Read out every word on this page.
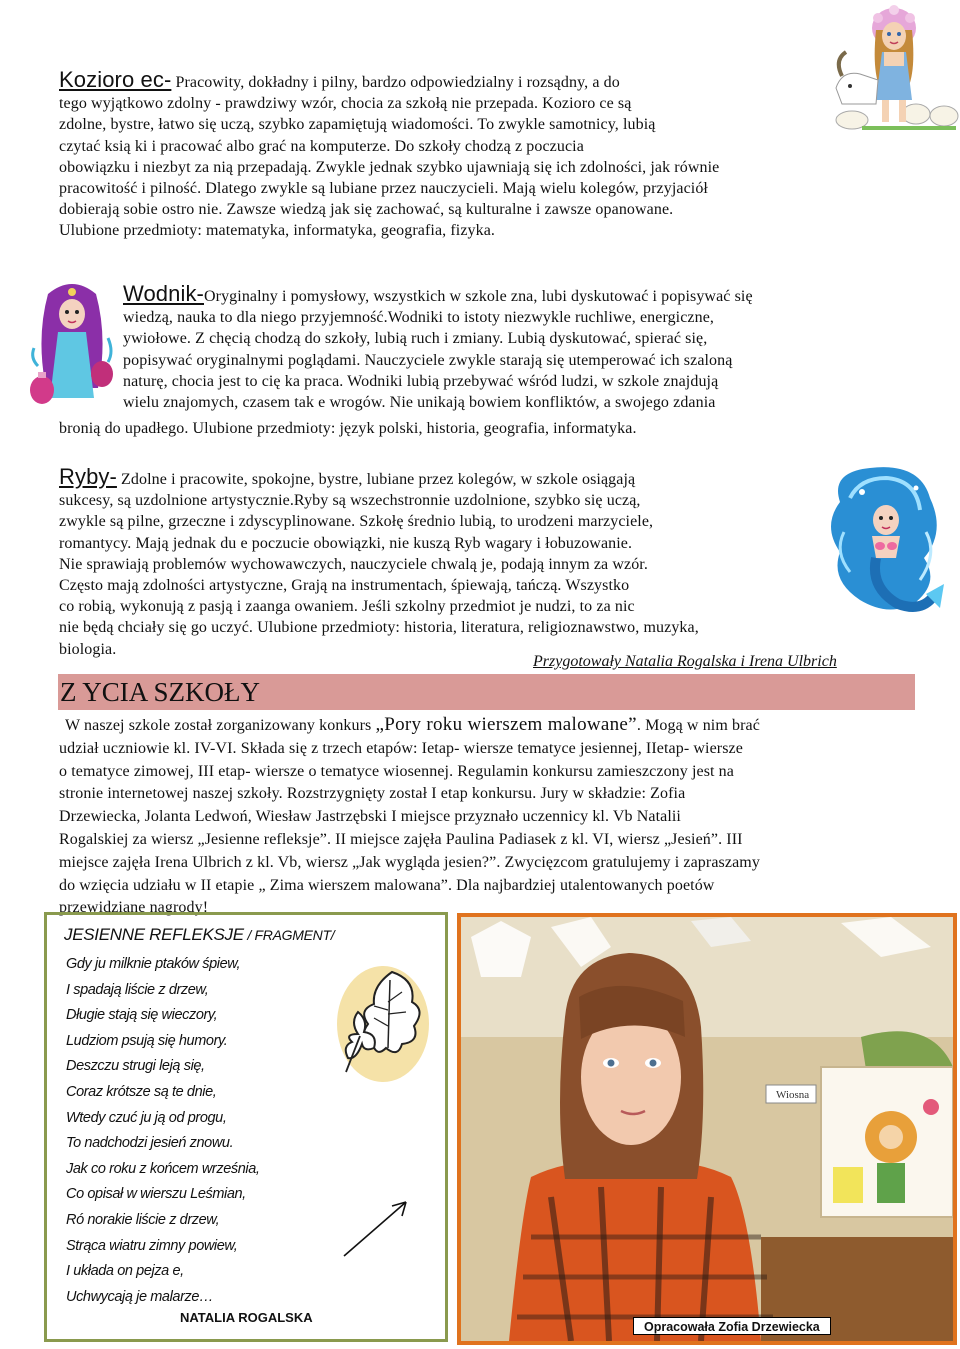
Kozioro ec- Pracowity, dokładny i pilny, bardzo odpowiedzialny i rozsądny, a do
tego wyjątkowo zdolny - prawdziwy wzór, chocia za szkołą nie przepada. Kozioro ce są
zdolne, bystre, łatwo się uczą, szybko zapamiętują wiadomości. To zwykle samotnicy, lubią
czytać ksią ki i pracować albo grać na komputerze. Do szkoły chodzą z poczucia
obowiązku i niezbyt za nią przepadają. Zwykle jednak szybko ujawniają się ich zdolności, jak równie
pracowitość i pilność. Dlatego zwykle są lubiane przez nauczycieli. Mają wielu kolegów, przyjaciół
dobierają sobie ostro nie. Zawsze wiedzą jak się zachować, są kulturalne i zawsze opanowane.
Ulubione przedmioty: matematyka, informatyka, geografia, fizyka.
Wodnik-Oryginalny i pomysłowy, wszystkich w szkole zna, lubi dyskutować i popisywać się
wiedzą, nauka to dla niego przyjemność.Wodniki to istoty niezwykle ruchliwe, energiczne,
ywiołowe. Z chęcią chodzą do szkoły, lubią ruch i zmiany. Lubią dyskutować, spierać się,
popisywać oryginalnymi poglądami. Nauczyciele zwykle starają się utemperować ich szaloną
naturę, chocia jest to cię ka praca. Wodniki lubią przebywać wśród ludzi, w szkole znajdują
wielu znajomych, czasem tak e wrogów. Nie unikają bowiem konfliktów, a swojego zdania
bronią do upadłego. Ulubione przedmioty: język polski, historia, geografia, informatyka.
Ryby- Zdolne i pracowite, spokojne, bystre, lubiane przez kolegów, w szkole osiągają
sukcesy, są uzdolnione artystycznie.Ryby są wszechstronnie uzdolnione, szybko się uczą,
zwykle są pilne, grzeczne i zdyscyplinowane. Szkołę średnio lubią, to urodzeni marzyciele,
romantycy. Mają jednak du e poczucie obowiązki, nie kuszą Ryb wagary i łobuzowanie.
Nie sprawiają problemów wychowawczych, nauczyciele chwalą je, podają innym za wzór.
Często mają zdolności artystyczne, Grają na instrumentach, śpiewają, tańczą. Wszystko
co robią, wykonują z pasją i zaanga owaniem. Jeśli szkolny przedmiot je nudzi, to za nic
nie będą chciały się go uczyć. Ulubione przedmioty: historia, literatura, religioznawstwo, muzyka,
biologia.
Przygotowały Natalia Rogalska i Irena Ulbrich
Z YCIA SZKOŁY
W naszej szkole został zorganizowany konkurs „Pory roku wierszem malowane”. Mogą w nim brać
udział uczniowie kl. IV-VI. Składa się z trzech etapów: Ietap- wiersze tematyce jesiennej, IIetap- wiersze
o tematyce zimowej, III etap- wiersze o tematyce wiosennej. Regulamin konkursu zamieszczony jest na
stronie internetowej naszej szkoły. Rozstrzygnięty został I etap konkursu. Jury w składzie: Zofia
Drzewiecka, Jolanta Ledwoń, Wiesław Jastrzębski I miejsce przyznało uczennicy kl. Vb Natalii
Rogalskiej za wiersz „Jesienne refleksje”. II miejsce zajęła Paulina Padiasek z kl. VI, wiersz „Jesień”. III
miejsce zajęła Irena Ulbrich z kl. Vb, wiersz „Jak wygląda jesien?”. Zwycięzcom gratulujemy i zapraszamy
do wzięcia udziału w II etapie „ Zima wierszem malowana”. Dla najbardziej utalentowanych poetów
przewidziane nagrody!
JESIENNE REFLEKSJE / FRAGMENT/
Gdy ju milknie ptaków śpiew,
I spadają liście z drzew,
Długie stają się wieczory,
Ludziom psują się humory.
Deszczu strugi leją się,
Coraz krótsze są te dnie,
Wtedy czuć ju ją od progu,
To nadchodzi jesień znowu.
Jak co roku z końcem września,
Co opisał w wierszu Leśmian,
Ró norakie liście z drzew,
Strąca wiatru zimny powiew,
I układa on pejza e,
Uchwycają je malarze…
NATALIA ROGALSKA
Wiosna
Opracowała Zofia Drzewiecka
